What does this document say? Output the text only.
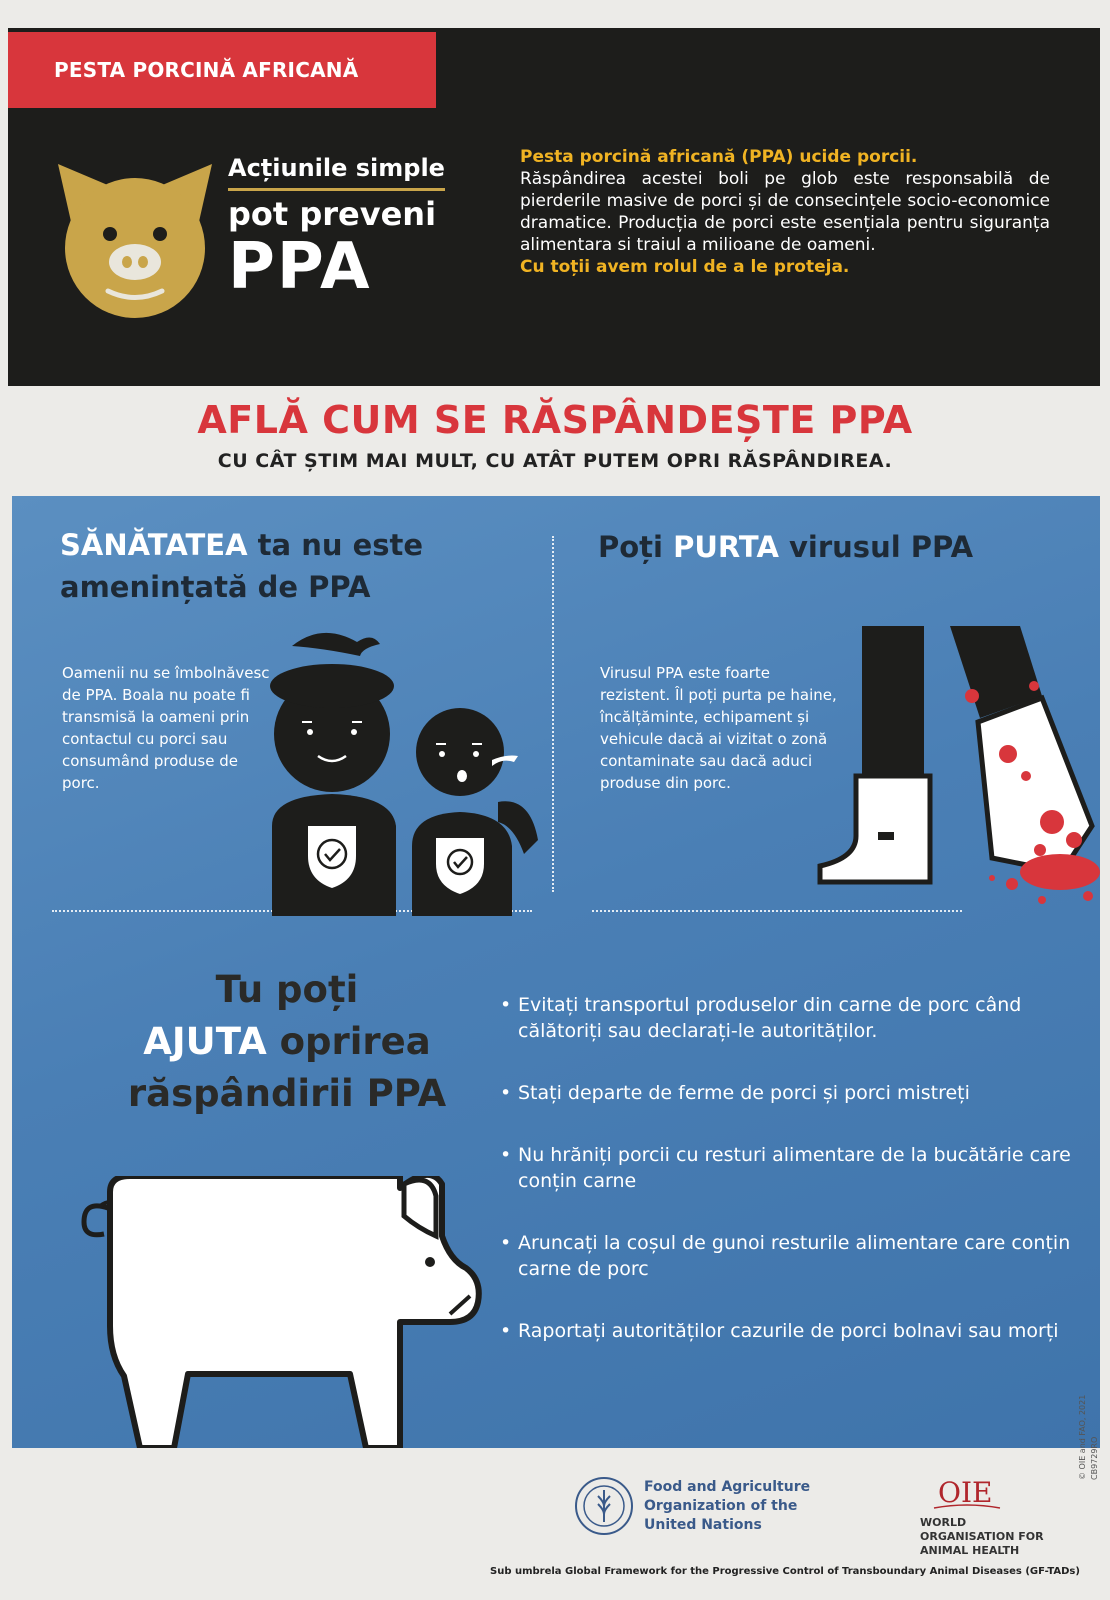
PESTA PORCINĂ AFRICANĂ
Acțiunile simple
pot preveni
PPA
Pesta porcină africană (PPA) ucide porcii.
Răspândirea acestei boli pe glob este responsabilă de pierderile masive de porci și de consecințele socio-economice dramatice. Producția de porci este esențiala pentru siguranța alimentara si traiul a milioane de oameni.
Cu toții avem rolul de a le proteja.
AFLĂ CUM SE RĂSPÂNDEȘTE PPA
CU CÂT ȘTIM MAI MULT, CU ATÂT PUTEM OPRI RĂSPÂNDIREA.
SĂNĂTATEA ta nu este amenințată de PPA
Oamenii nu se îmbolnăvesc de PPA. Boala nu poate fi transmisă la oameni prin contactul cu porci sau consumând produse de porc.
Poți PURTA virusul PPA
Virusul PPA este foarte rezistent. Îl poți purta pe haine, încălțăminte, echipament și vehicule dacă ai vizitat o zonă contaminate sau dacă aduci produse din porc.
Tu poți
AJUTA oprirea
răspândirii PPA
• Evitați transportul produselor din carne de porc când călătoriți sau declarați-le autorităților.
• Stați departe de ferme de porci și porci mistreți
• Nu hrăniți porcii cu resturi alimentare de la bucătărie care conțin carne
• Aruncați la coșul de gunoi resturile alimentare care conțin carne de porc
• Raportați autorităților cazurile de porci bolnavi sau morți
Food and Agriculture Organization of the United Nations
OIE
WORLD ORGANISATION FOR ANIMAL HEALTH
Sub umbrela Global Framework for the Progressive Control of Transboundary Animal Diseases (GF-TADs)
© OIE and FAO, 2021 CB9729RO
